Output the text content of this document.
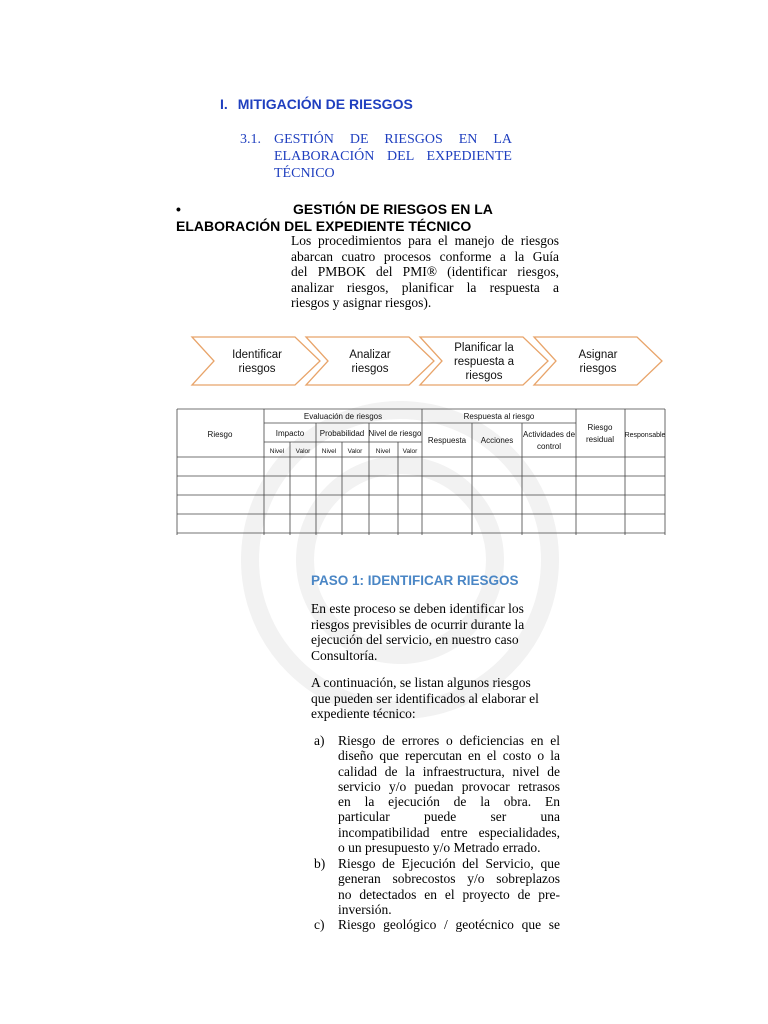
I. MITIGACIÓN DE RIESGOS
3.1. GESTIÓN DE RIESGOS EN LA
ELABORACIÓN DEL EXPEDIENTE
TÉCNICO
•	GESTIÓN DE RIESGOS EN LA
ELABORACIÓN DEL EXPEDIENTE TÉCNICO
Los procedimientos para el manejo de riesgos
abarcan cuatro procesos conforme a la Guía
del PMBOK del PMI® (identificar riesgos,
analizar riesgos, planificar la respuesta a
riesgos y asignar riesgos).
Identificar
riesgos
Analizar
riesgos
Planificar la
respuesta a
riesgos
Asignar
riesgos
Riesgo
Evaluación de riesgos	Respuesta al riesgo
Riesgo
residual Responsable
Impacto Probabilidad Nivel de riesgo
Respuesta Acciones
Actividades de
control
Nivel Valor Nivel Valor Nivel Valor
PASO 1: IDENTIFICAR RIESGOS
En este proceso se deben identificar los
riesgos previsibles de ocurrir durante la
ejecución del servicio, en nuestro caso
Consultoría.
A continuación, se listan algunos riesgos
que pueden ser identificados al elaborar el
expediente técnico:
a) Riesgo de errores o deficiencias en el
diseño que repercutan en el costo o la
calidad de la infraestructura, nivel de
servicio y/o puedan provocar retrasos
en la ejecución de la obra. En
particular puede ser una
incompatibilidad entre especialidades,
o un presupuesto y/o Metrado errado.
b) Riesgo de Ejecución del Servicio, que
generan sobrecostos y/o sobreplazos
no detectados en el proyecto de pre-
inversión.
c) Riesgo geológico / geotécnico que se
